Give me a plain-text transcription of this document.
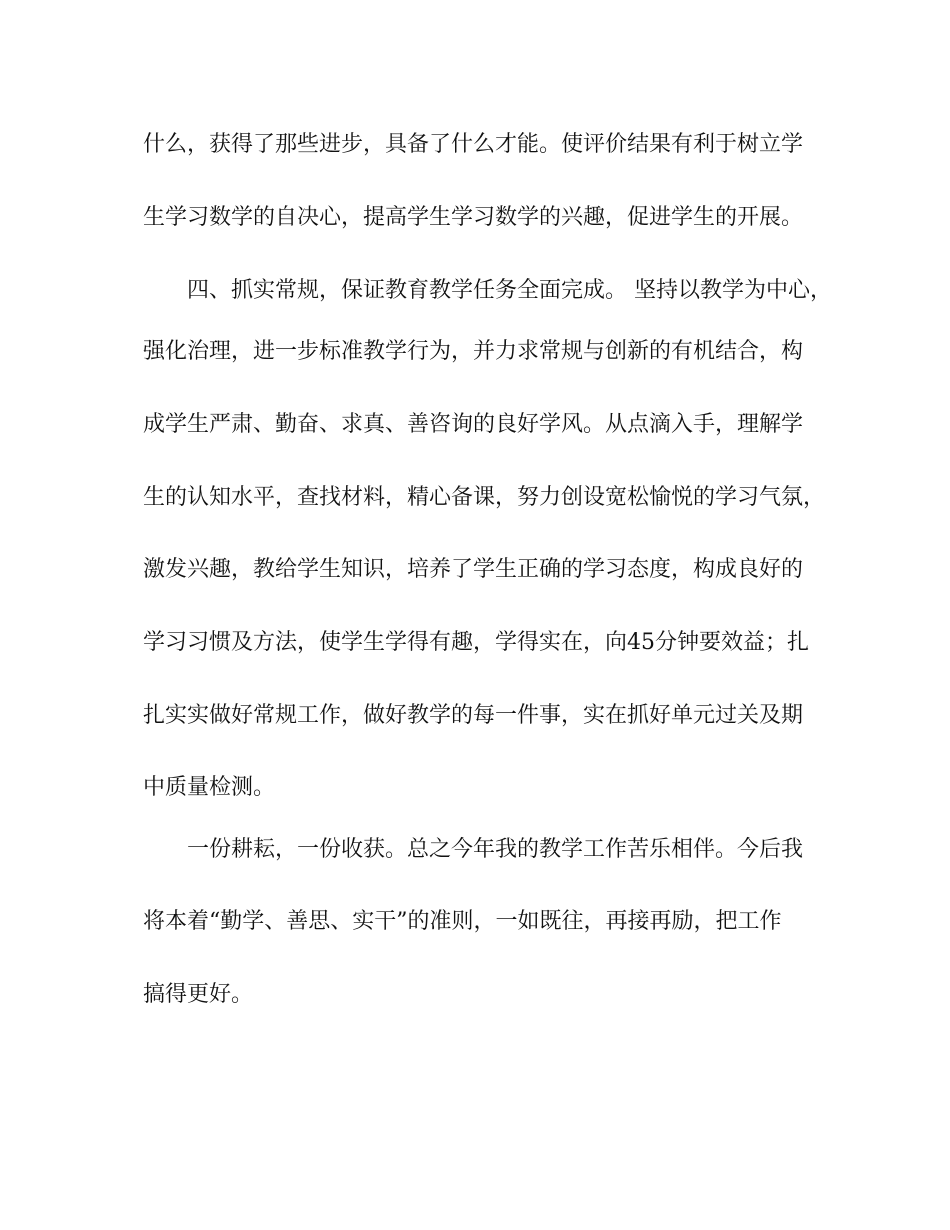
什么，获得了那些进步，具备了什么才能。使评价结果有利于树立学

生学习数学的自决心，提高学生学习数学的兴趣，促进学生的开展。

四、抓实常规，保证教育教学任务全面完成。 坚持以教学为中心，

强化治理，进一步标准教学行为，并力求常规与创新的有机结合，构

成学生严肃、勤奋、求真、善咨询的良好学风。从点滴入手，理解学

生的认知水平，查找材料，精心备课，努力创设宽松愉悦的学习气氛，

激发兴趣，教给学生知识，培养了学生正确的学习态度，构成良好的

学习习惯及方法，使学生学得有趣，学得实在，向45分钟要效益；扎

扎实实做好常规工作，做好教学的每一件事，实在抓好单元过关及期

中质量检测。

一份耕耘，一份收获。总之今年我的教学工作苦乐相伴。今后我

将本着“勤学、善思、实干”的准则，一如既往，再接再励，把工作

搞得更好。
